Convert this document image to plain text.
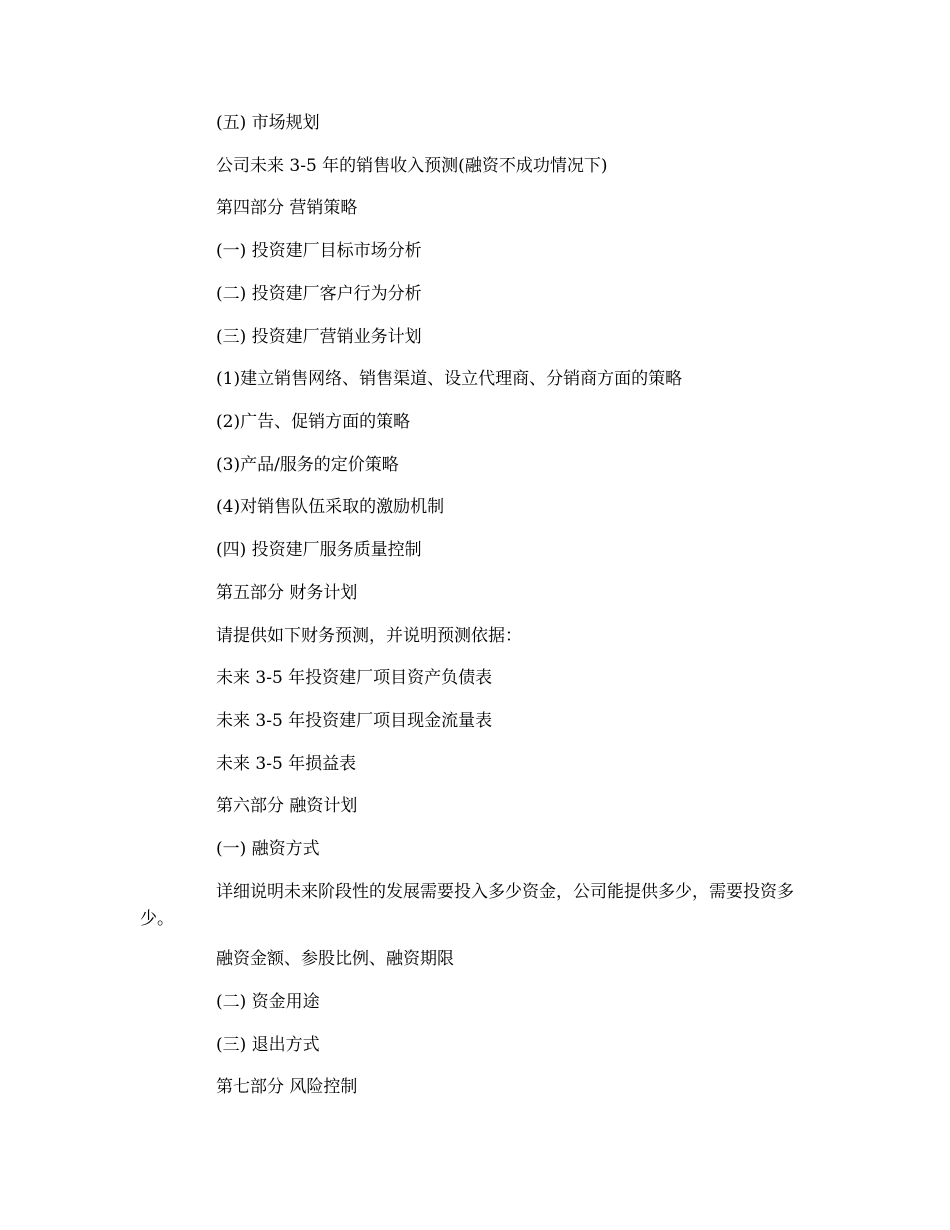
(五) 市场规划
公司未来 3-5 年的销售收入预测(融资不成功情况下)
第四部分 营销策略
(一) 投资建厂目标市场分析
(二) 投资建厂客户行为分析
(三) 投资建厂营销业务计划
(1)建立销售网络、销售渠道、设立代理商、分销商方面的策略
(2)广告、促销方面的策略
(3)产品/服务的定价策略
(4)对销售队伍采取的激励机制
(四) 投资建厂服务质量控制
第五部分 财务计划
请提供如下财务预测，并说明预测依据：
未来 3-5 年投资建厂项目资产负债表
未来 3-5 年投资建厂项目现金流量表
未来 3-5 年损益表
第六部分 融资计划
(一) 融资方式
详细说明未来阶段性的发展需要投入多少资金，公司能提供多少，需要投资多少。
融资金额、参股比例、融资期限
(二) 资金用途
(三) 退出方式
第七部分 风险控制
